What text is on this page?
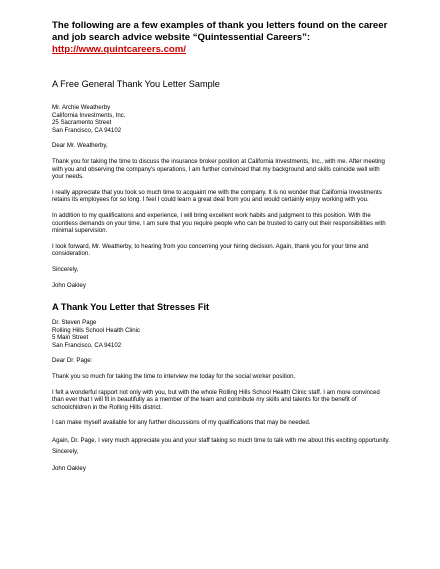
The following are a few examples of thank you letters found on the career and job search advice website “Quintessential Careers”: http://www.quintcareers.com/

A Free General Thank You Letter Sample
Mr. Archie Weatherby
California Investments, Inc.
25 Sacramento Street
San Francisco, CA 94102

Dear Mr. Weatherby,

Thank you for taking the time to discuss the insurance broker position at California Investments, Inc., with me. After meeting with you and observing the company's operations, I am further convinced that my background and skills coincide well with your needs.

I really appreciate that you took so much time to acquaint me with the company. It is no wonder that California Investments retains its employees for so long. I feel I could learn a great deal from you and would certainly enjoy working with you.

In addition to my qualifications and experience, I will bring excellent work habits and judgment to this position. With the countless demands on your time, I am sure that you require people who can be trusted to carry out their responsibilities with minimal supervision.

I look forward, Mr. Weatherby, to hearing from you concerning your hiring decision. Again, thank you for your time and consideration.

Sincerely,

John Oakley

A Thank You Letter that Stresses Fit
Dr. Steven Page
Rolling Hills School Health Clinic
5 Main Street
San Francisco, CA 94102

Dear Dr. Page:

Thank you so much for taking the time to interview me today for the social worker position.

I felt a wonderful rapport not only with you, but with the whole Rolling Hills School Health Clinic staff. I am more convinced than ever that I will fit in beautifully as a member of the team and contribute my skills and talents for the benefit of schoolchildren in the Rolling Hills district.

I can make myself available for any further discussions of my qualifications that may be needed.

Again, Dr. Page, I very much appreciate you and your staff taking so much time to talk with me about this exciting opportunity. Sincerely,

John Oakley
